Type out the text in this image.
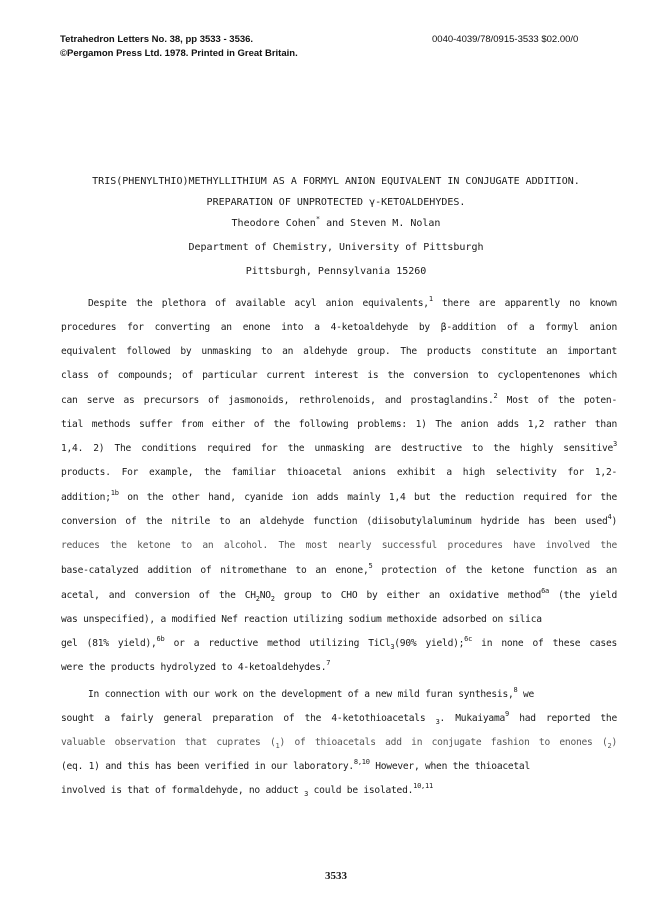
Tetrahedron Letters No. 38, pp 3533 - 3536.
©Pergamon Press Ltd. 1978. Printed in Great Britain.
0040-4039/78/0915-3533 $02.00/0
TRIS(PHENYLTHIO)METHYLLITHIUM AS A FORMYL ANION EQUIVALENT IN CONJUGATE ADDITION.
PREPARATION OF UNPROTECTED γ-KETOALDEHYDES.
Theodore Cohen* and Steven M. Nolan
Department of Chemistry, University of Pittsburgh
Pittsburgh, Pennsylvania 15260
Despite the plethora of available acyl anion equivalents,$^1$ there are apparently no known
procedures for converting an enone into a 4-ketoaldehyde by β-addition of a formyl anion
equivalent followed by unmasking to an aldehyde group. The products constitute an important
class of compounds; of particular current interest is the conversion to cyclopentenones which
can serve as precursors of jasmonoids, rethrolenoids, and prostaglandins.$^2$ Most of the poten-
tial methods suffer from either of the following problems: 1) The anion adds 1,2 rather than
1,4. 2) The conditions required for the unmasking are destructive to the highly sensitive$^3$
products. For example, the familiar thioacetal anions exhibit a high selectivity for 1,2-
addition;$^{1b}$ on the other hand, cyanide ion adds mainly 1,4 but the reduction required for the
conversion of the nitrile to an aldehyde function (diisobutylaluminum hydride has been used$^4$)
reduces the ketone to an alcohol. The most nearly successful procedures have involved the
base-catalyzed addition of nitromethane to an enone,$^5$ protection of the ketone function as an
acetal, and conversion of the $CH_2NO_2$ group to CHO by either an oxidative method$^{6a}$ (the yield
was unspecified), a modified Nef reaction utilizing sodium methoxide adsorbed on silica
gel (81% yield),$^{6b}$ or a reductive method utilizing TiCl$_3$(90% yield);$^{6c}$ in none of these cases
were the products hydrolyzed to 4-ketoaldehydes.$^7$
In connection with our work on the development of a new mild furan synthesis,$^8$ we
sought a fairly general preparation of the 4-ketothioacetals $_3$. Mukaiyama$^9$ had reported the
valuable observation that cuprates $(_1)$ of thioacetals add in conjugate fashion to enones $(_2)$
(eq. 1) and this has been verified in our laboratory.$^{8,10}$ However, when the thioacetal
involved is that of formaldehyde, no adduct $_3$ could be isolated.$^{10,11}$
3533
